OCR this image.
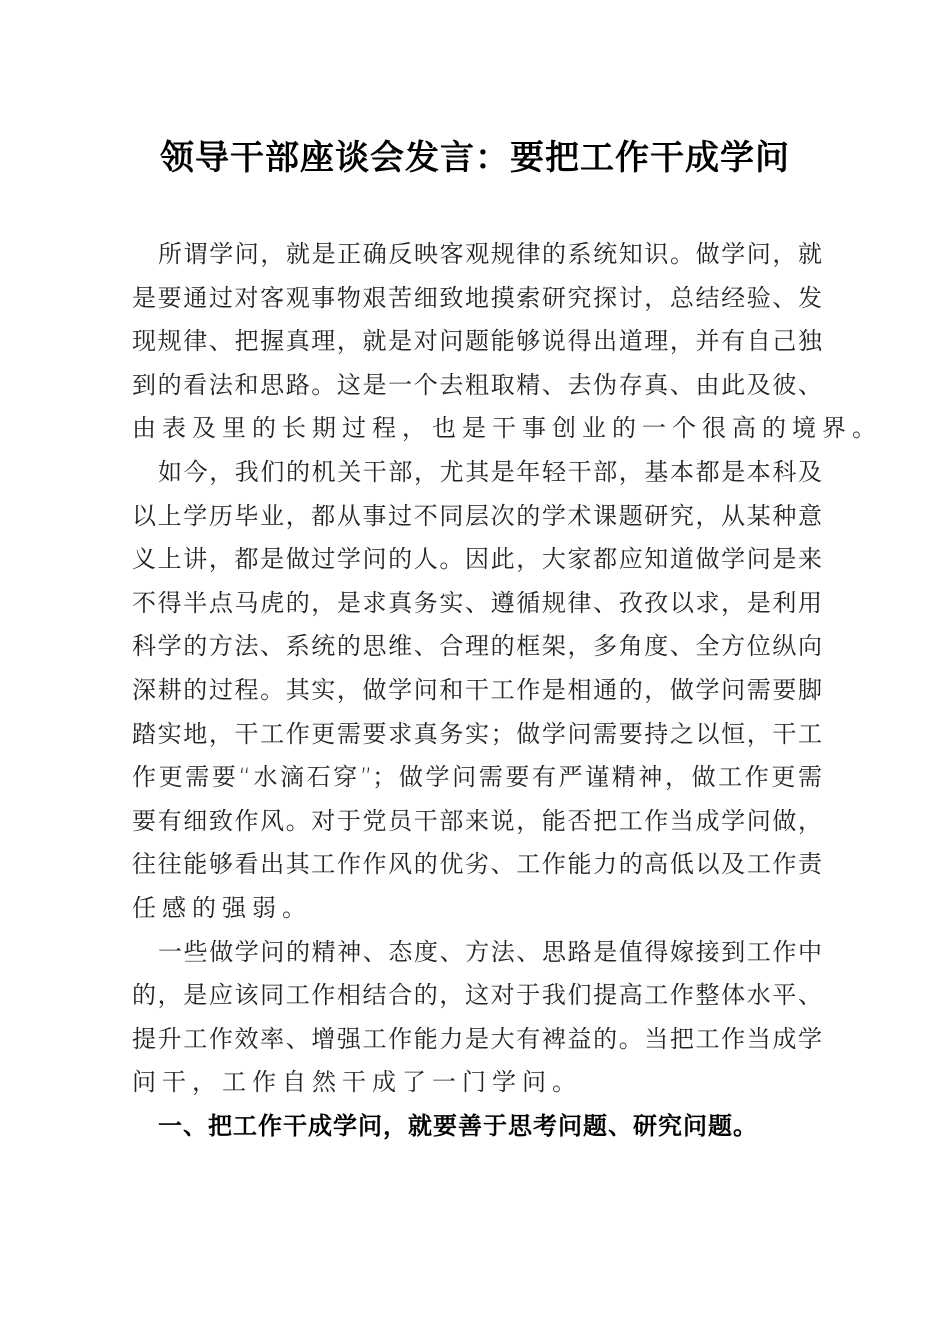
领导干部座谈会发言：要把工作干成学问
所谓学问，就是正确反映客观规律的系统知识。做学问，就
是要通过对客观事物艰苦细致地摸索研究探讨，总结经验、发
现规律、把握真理，就是对问题能够说得出道理，并有自己独
到的看法和思路。这是一个去粗取精、去伪存真、由此及彼、
由表及里的长期过程，也是干事创业的一个很高的境界。
如今，我们的机关干部，尤其是年轻干部，基本都是本科及
以上学历毕业，都从事过不同层次的学术课题研究，从某种意
义上讲，都是做过学问的人。因此，大家都应知道做学问是来
不得半点马虎的，是求真务实、遵循规律、孜孜以求，是利用
科学的方法、系统的思维、合理的框架，多角度、全方位纵向
深耕的过程。其实，做学问和干工作是相通的，做学问需要脚
踏实地，干工作更需要求真务实；做学问需要持之以恒，干工
作更需要“水滴石穿”；做学问需要有严谨精神，做工作更需
要有细致作风。对于党员干部来说，能否把工作当成学问做，
往往能够看出其工作作风的优劣、工作能力的高低以及工作责
任感的强弱。
一些做学问的精神、态度、方法、思路是值得嫁接到工作中
的，是应该同工作相结合的，这对于我们提高工作整体水平、
提升工作效率、增强工作能力是大有裨益的。当把工作当成学
问干，工作自然干成了一门学问。
一、把工作干成学问，就要善于思考问题、研究问题。
